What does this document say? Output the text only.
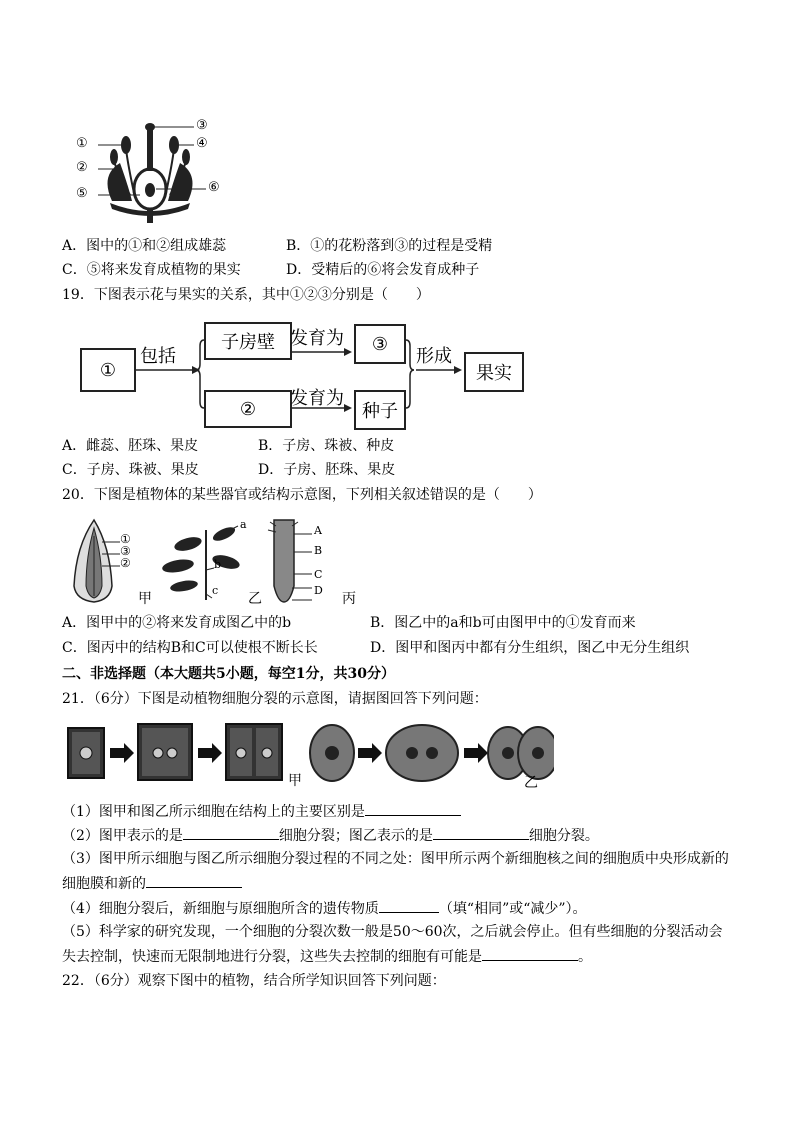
①
②
⑤
③
④
⑥
A．图中的①和②组成雄蕊	B．①的花粉落到③的过程是受精
C．⑤将来发育成植物的果实	D．受精后的⑥将会发育成种子
19．下图表示花与果实的关系，其中①②③分别是（　　）
①
包括
子房壁
②
发育为
发育为
③
种子
形成
果实
A．雌蕊、胚珠、果皮	B．子房、珠被、种皮
C．子房、珠被、果皮	D．子房、胚珠、果皮
20．下图是植物体的某些器官或结构示意图，下列相关叙述错误的是（　　）
①
③
②
甲
a
b
c
乙
A
B
C
D
丙
A．图甲中的②将来发育成图乙中的b	B．图乙中的a和b可由图甲中的①发育而来
C．图丙中的结构B和C可以使根不断长长	D．图甲和图丙中都有分生组织，图乙中无分生组织
二、非选择题（本大题共5小题，每空1分，共30分）
21．（6分）下图是动植物细胞分裂的示意图，请据图回答下列问题：
甲	乙
（1）图甲和图乙所示细胞在结构上的主要区别是
（2）图甲表示的是	细胞分裂；图乙表示的是	细胞分裂。
（3）图甲所示细胞与图乙所示细胞分裂过程的不同之处：图甲所示两个新细胞核之间的细胞质中央形成新的
细胞膜和新的
（4）细胞分裂后，新细胞与原细胞所含的遗传物质	（填“相同”或“减少”）。
（5）科学家的研究发现，一个细胞的分裂次数一般是50～60次，之后就会停止。但有些细胞的分裂活动会
失去控制，快速而无限制地进行分裂，这些失去控制的细胞有可能是	。
22．（6分）观察下图中的植物，结合所学知识回答下列问题：
